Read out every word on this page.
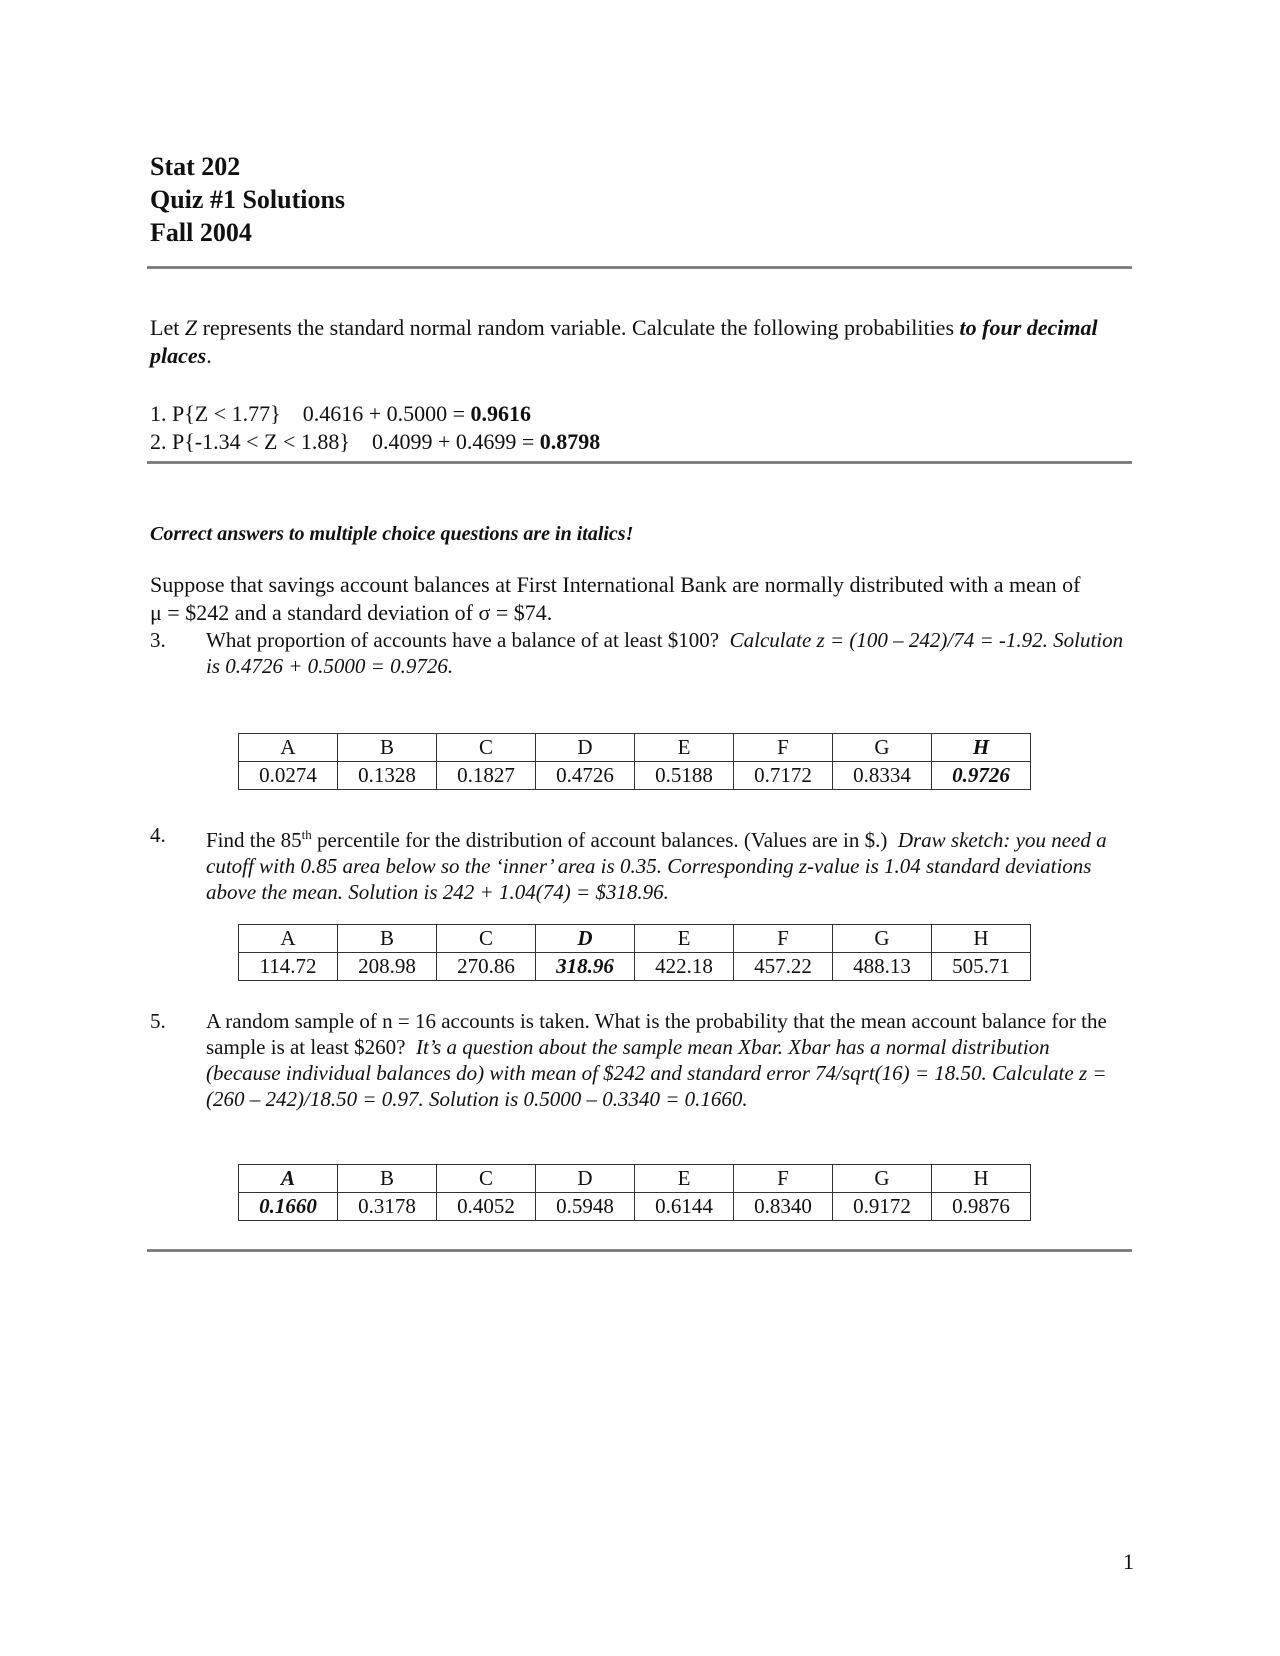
Stat 202
Quiz #1 Solutions
Fall 2004
Let Z represents the standard normal random variable. Calculate the following probabilities to four decimal places.
1. P{Z < 1.77} 0.4616 + 0.5000 = 0.9616
2. P{-1.34 < Z < 1.88} 0.4099 + 0.4699 = 0.8798
Correct answers to multiple choice questions are in italics!
Suppose that savings account balances at First International Bank are normally distributed with a mean of
μ = $242 and a standard deviation of σ = $74.
3. What proportion of accounts have a balance of at least $100? Calculate z = (100 – 242)/74 = -1.92. Solution is 0.4726 + 0.5000 = 0.9726.
A	B	C	D	E	F	G	H
0.0274	0.1328	0.1827	0.4726	0.5188	0.7172	0.8334	0.9726
4. Find the 85th percentile for the distribution of account balances. (Values are in $.) Draw sketch: you need a cutoff with 0.85 area below so the ‘inner’ area is 0.35. Corresponding z-value is 1.04 standard deviations above the mean. Solution is 242 + 1.04(74) = $318.96.
A	B	C	D	E	F	G	H
114.72	208.98	270.86	318.96	422.18	457.22	488.13	505.71
5. A random sample of n = 16 accounts is taken. What is the probability that the mean account balance for the sample is at least $260? It’s a question about the sample mean Xbar. Xbar has a normal distribution (because individual balances do) with mean of $242 and standard error 74/sqrt(16) = 18.50. Calculate z = (260 – 242)/18.50 = 0.97. Solution is 0.5000 – 0.3340 = 0.1660.
A	B	C	D	E	F	G	H
0.1660	0.3178	0.4052	0.5948	0.6144	0.8340	0.9172	0.9876
1
